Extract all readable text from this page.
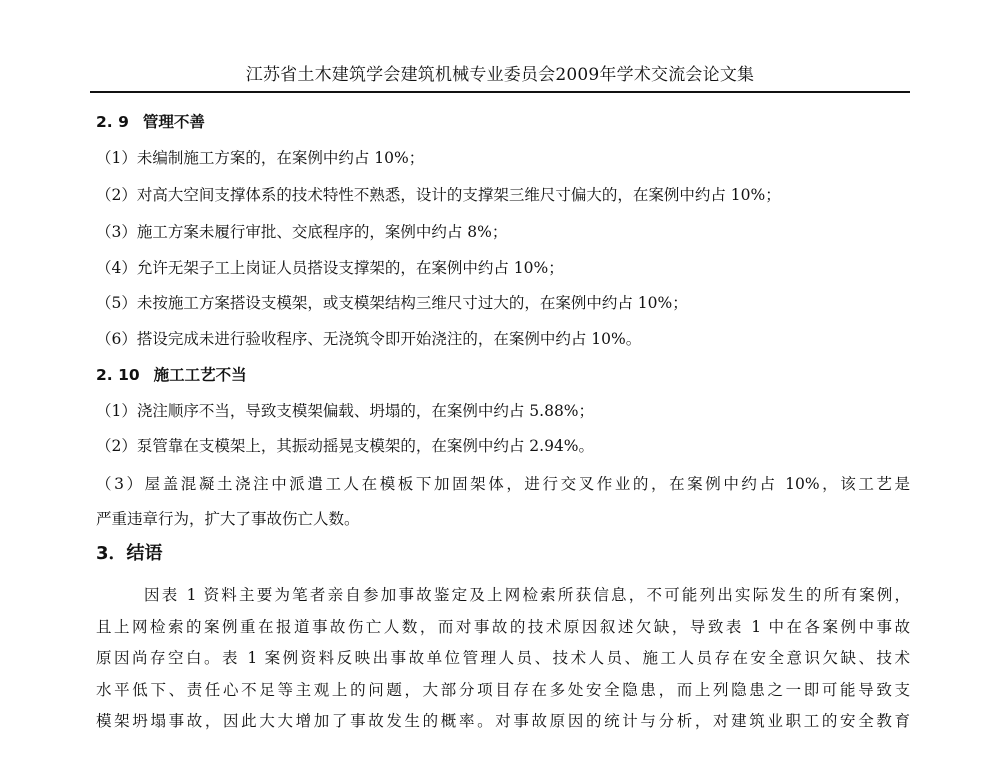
江苏省土木建筑学会建筑机械专业委员会2009年学术交流会论文集
2. 9 管理不善
（1）未编制施工方案的，在案例中约占 10%；
（2）对高大空间支撑体系的技术特性不熟悉，设计的支撑架三维尺寸偏大的，在案例中约占 10%；
（3）施工方案未履行审批、交底程序的，案例中约占 8%；
（4）允许无架子工上岗证人员搭设支撑架的，在案例中约占 10%；
（5）未按施工方案搭设支模架，或支模架结构三维尺寸过大的，在案例中约占 10%；
（6）搭设完成未进行验收程序、无浇筑令即开始浇注的，在案例中约占 10%。
2. 10 施工工艺不当
（1）浇注顺序不当，导致支模架偏载、坍塌的，在案例中约占 5.88%；
（2）泵管靠在支模架上，其振动摇晃支模架的，在案例中约占 2.94%。
（3）屋盖混凝土浇注中派遣工人在模板下加固架体，进行交叉作业的，在案例中约占 10%，该工艺是
严重违章行为，扩大了事故伤亡人数。
3．结语
因表 1 资料主要为笔者亲自参加事故鉴定及上网检索所获信息，不可能列出实际发生的所有案例，
且上网检索的案例重在报道事故伤亡人数，而对事故的技术原因叙述欠缺，导致表 1 中在各案例中事故
原因尚存空白。表 1 案例资料反映出事故单位管理人员、技术人员、施工人员存在安全意识欠缺、技术
水平低下、责任心不足等主观上的问题，大部分项目存在多处安全隐患，而上列隐患之一即可能导致支
模架坍塌事故，因此大大增加了事故发生的概率。对事故原因的统计与分析，对建筑业职工的安全教育
